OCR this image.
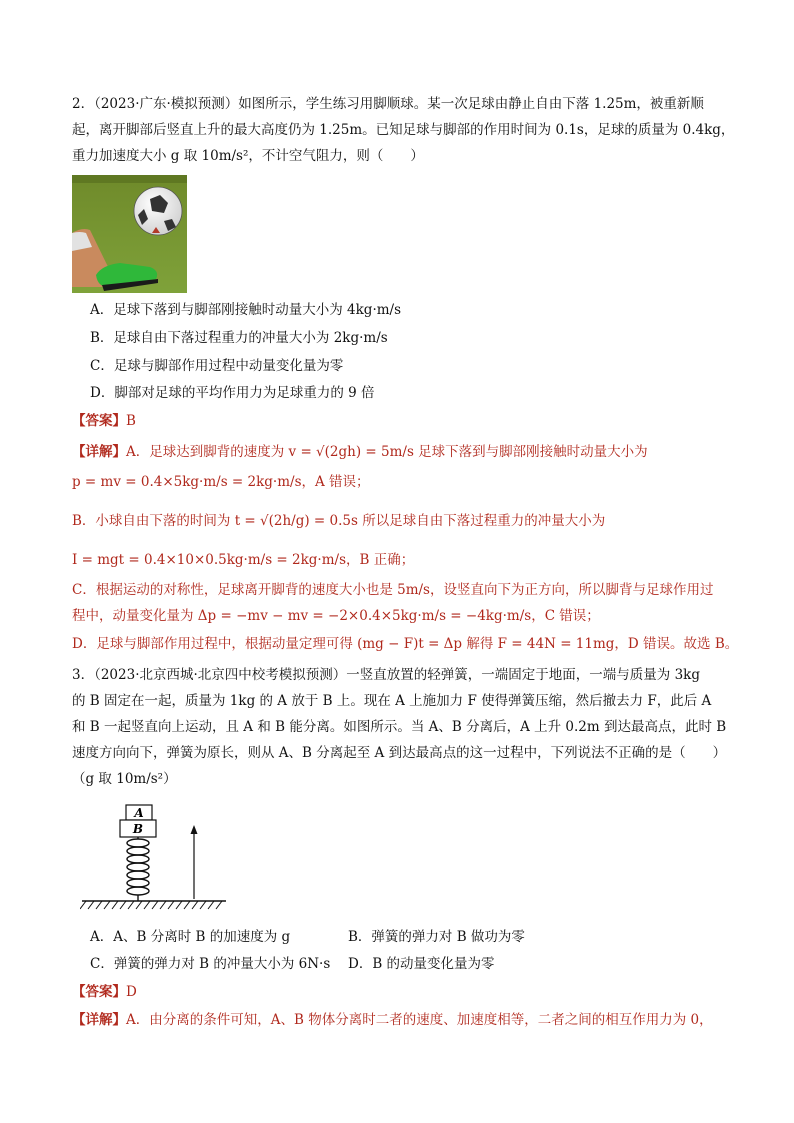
2．（2023·广东·模拟预测）如图所示，学生练习用脚顺球。某一次足球由静止自由下落 1.25m，被重新顺
起，离开脚部后竖直上升的最大高度仍为 1.25m。已知足球与脚部的作用时间为 0.1s，足球的质量为 0.4kg，
重力加速度大小 g 取 10m/s²，不计空气阻力，则（　　）
A．足球下落到与脚部刚接触时动量大小为 4kg·m/s
B．足球自由下落过程重力的冲量大小为 2kg·m/s
C．足球与脚部作用过程中动量变化量为零
D．脚部对足球的平均作用力为足球重力的 9 倍
【答案】B
【详解】A．足球达到脚背的速度为 v = √(2gh) = 5m/s 足球下落到与脚部刚接触时动量大小为
p = mv = 0.4×5kg·m/s = 2kg·m/s，A 错误；
B．小球自由下落的时间为 t = √(2h/g) = 0.5s 所以足球自由下落过程重力的冲量大小为
I = mgt = 0.4×10×0.5kg·m/s = 2kg·m/s，B 正确；
C．根据运动的对称性，足球离开脚背的速度大小也是 5m/s，设竖直向下为正方向，所以脚背与足球作用过
程中，动量变化量为 Δp = −mv − mv = −2×0.4×5kg·m/s = −4kg·m/s，C 错误；
D．足球与脚部作用过程中，根据动量定理可得 (mg − F)t = Δp 解得 F = 44N = 11mg，D 错误。故选 B。
3．（2023·北京西城·北京四中校考模拟预测）一竖直放置的轻弹簧，一端固定于地面，一端与质量为 3kg
的 B 固定在一起，质量为 1kg 的 A 放于 B 上。现在 A 上施加力 F 使得弹簧压缩，然后撤去力 F，此后 A
和 B 一起竖直向上运动，且 A 和 B 能分离。如图所示。当 A、B 分离后，A 上升 0.2m 到达最高点，此时 B
速度方向向下，弹簧为原长，则从 A、B 分离起至 A 到达最高点的这一过程中，下列说法不正确的是（　　）
（g 取 10m/s²）
A
B
A．A、B 分离时 B 的加速度为 g	B．弹簧的弹力对 B 做功为零
C．弹簧的弹力对 B 的冲量大小为 6N·s D．B 的动量变化量为零
【答案】D
【详解】A．由分离的条件可知，A、B 物体分离时二者的速度、加速度相等，二者之间的相互作用力为 0，
